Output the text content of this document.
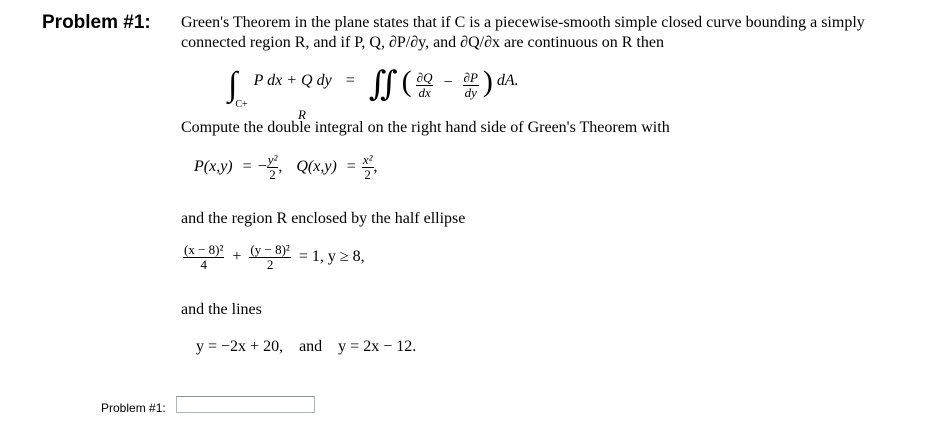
Problem #1: Green's Theorem in the plane states that if C is a piecewise-smooth simple closed curve bounding a simply
connected region R, and if P, Q, ∂P/∂y, and ∂Q/∂x are continuous on R then
$\int_{C+}$ P dx + Q dy = ∬ ( $\frac{\partial Q}{dx} - \frac{\partial P}{dy}$ ) dA.
R
Compute the double integral on the right hand side of Green's Theorem with
P(x,y) = − $\frac{\text{y²}}{2}$ , $Q(x,y) = \frac{\text{x²}}{2}$ ,
and the region R enclosed by the half ellipse
$\frac{\text{(x − 8)²}}{4} + \frac{\text{(y − 8)²}}{2} = 1$, y ≥ 8,
and the lines
y = −2x + 20,    and    y = 2x − 12.
Problem #1:
